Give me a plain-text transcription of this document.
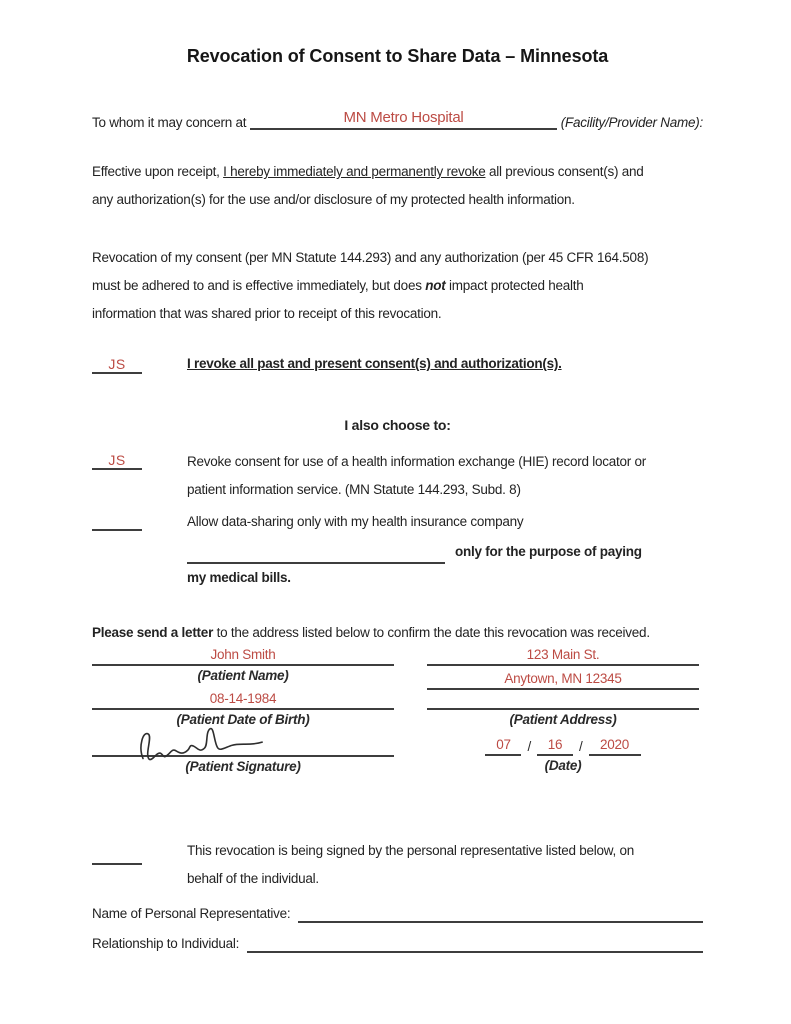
Revocation of Consent to Share Data – Minnesota
To whom it may concern at	MN Metro Hospital	(Facility/Provider Name):
Effective upon receipt, I hereby immediately and permanently revoke all previous consent(s) and
any authorization(s) for the use and/or disclosure of my protected health information.
Revocation of my consent (per MN Statute 144.293) and any authorization (per 45 CFR 164.508)
must be adhered to and is effective immediately, but does not impact protected health
information that was shared prior to receipt of this revocation.
JS	I revoke all past and present consent(s) and authorization(s).
I also choose to:
JS	Revoke consent for use of a health information exchange (HIE) record locator or
patient information service. (MN Statute 144.293, Subd. 8)
Allow data-sharing only with my health insurance company
only for the purpose of paying
my medical bills.
Please send a letter to the address listed below to confirm the date this revocation was received.
John Smith
(Patient Name)
08-14-1984
(Patient Date of Birth)
(Patient Signature)
123 Main St.
Anytown, MN 12345
(Patient Address)
07 / 16 / 2020
(Date)
This revocation is being signed by the personal representative listed below, on
behalf of the individual.
Name of Personal Representative:
Relationship to Individual:
